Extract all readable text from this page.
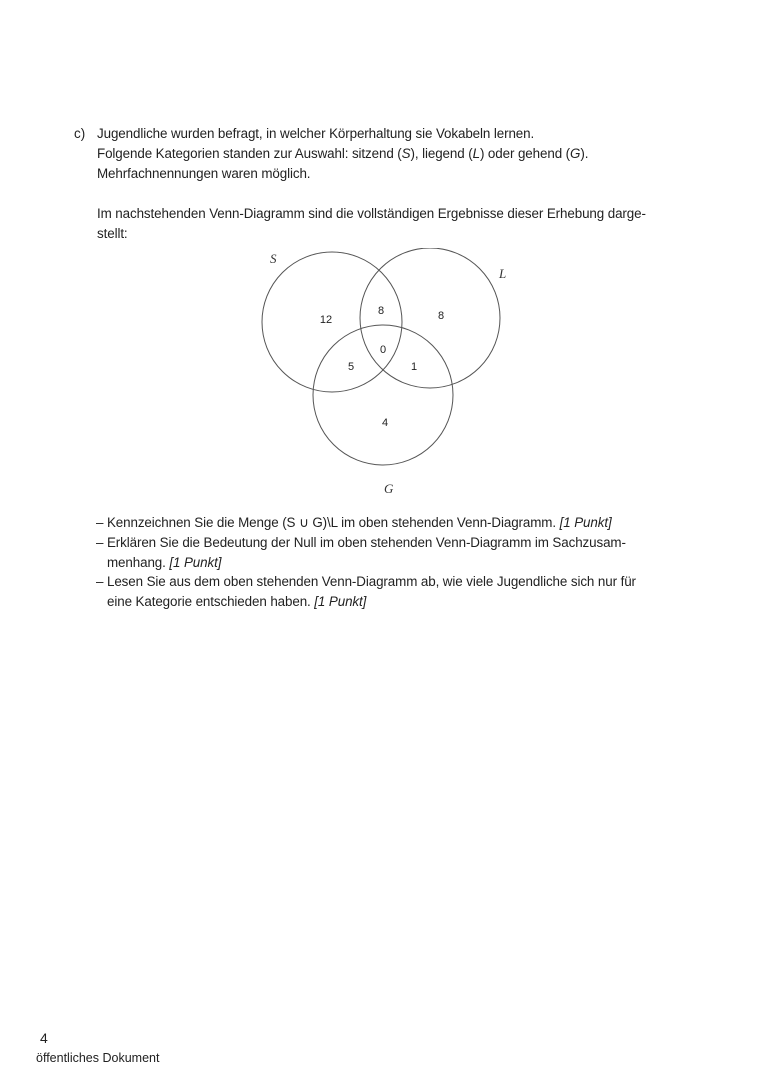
c) Jugendliche wurden befragt, in welcher Körperhaltung sie Vokabeln lernen.
Folgende Kategorien standen zur Auswahl: sitzend (S), liegend (L) oder gehend (G).
Mehrfachnennungen waren möglich.
Im nachstehenden Venn-Diagramm sind die vollständigen Ergebnisse dieser Erhebung darge-
stellt:
S
L
G
12
8	8
0
5	1
4
– Kennzeichnen Sie die Menge (S ∪ G)\L im oben stehenden Venn-Diagramm. [1 Punkt]
– Erklären Sie die Bedeutung der Null im oben stehenden Venn-Diagramm im Sachzusam-
menhang. [1 Punkt]
– Lesen Sie aus dem oben stehenden Venn-Diagramm ab, wie viele Jugendliche sich nur für
eine Kategorie entschieden haben. [1 Punkt]
4
öffentliches Dokument
